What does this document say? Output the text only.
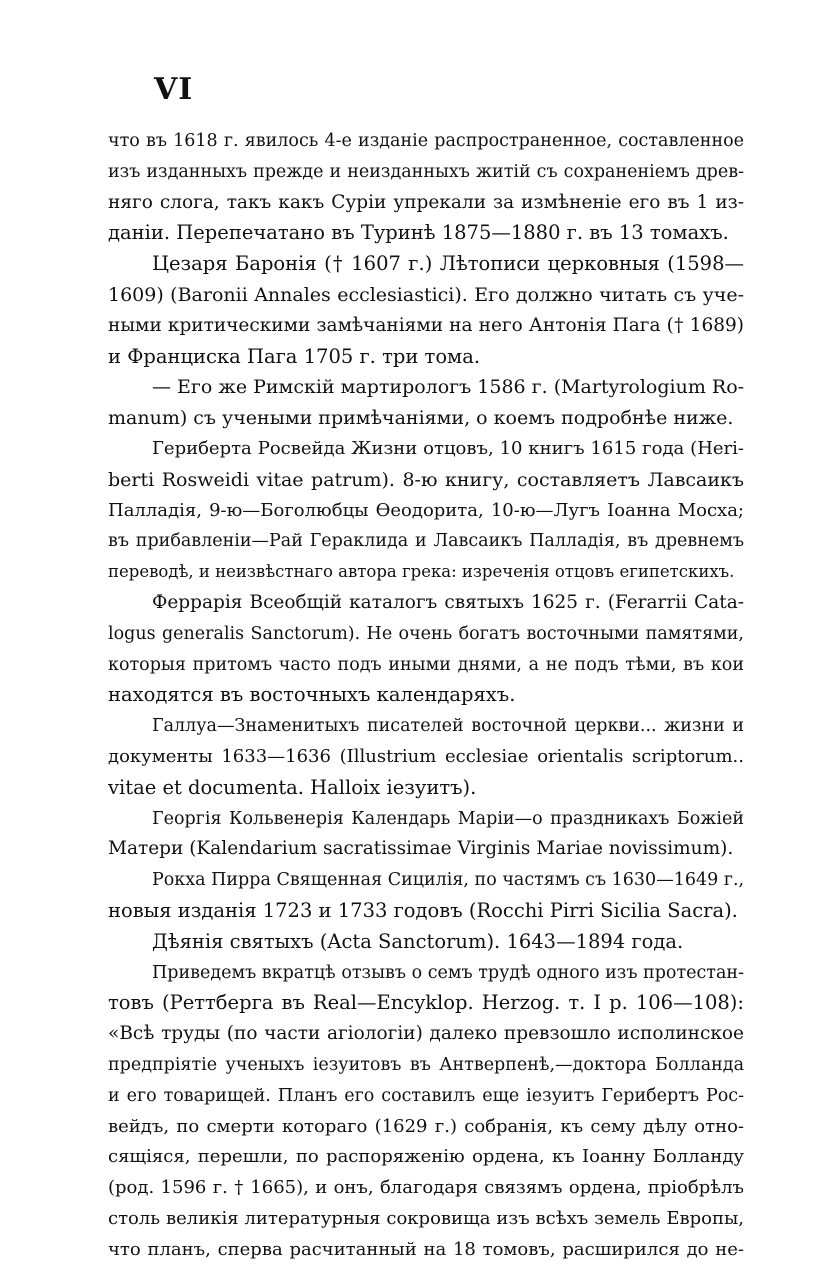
VI
что въ 1618 г. явилось 4-е изданіе распространенное, составленное
изъ изданныхъ прежде и неизданныхъ житій съ сохраненіемъ древ-
няго слога, такъ какъ Суріи упрекали за измѣненіе его въ 1 из-
даніи. Перепечатано въ Туринѣ 1875—1880 г. въ 13 томахъ.
Цезаря Баронія († 1607 г.) Лѣтописи церковныя (1598—
1609) (Baronii Annales ecclesiastici). Его должно читать съ уче-
ными критическими замѣчаніями на него Антонія Пага († 1689)
и Франциска Пага 1705 г. три тома.
— Его же Римскій мартирологъ 1586 г. (Martyrologium Ro-
manum) съ учеными примѣчаніями, о коемъ подробнѣе ниже.
Гериберта Росвейда Жизни отцовъ, 10 книгъ 1615 года (Heri-
berti Rosweidi vitae patrum). 8-ю книгу, составляетъ Лавсаикъ
Палладія, 9-ю—Боголюбцы Өеодорита, 10-ю—Лугъ Іоанна Мосха;
въ прибавленіи—Рай Гераклида и Лавсаикъ Палладія, въ древнемъ
переводѣ, и неизвѣстнаго автора грека: изреченія отцовъ египетскихъ.
Феррарія Всеобщій каталогъ святыхъ 1625 г. (Ferarrii Cata-
logus generalis Sanctorum). Не очень богатъ восточными памятями,
которыя притомъ часто подъ иными днями, а не подъ тѣми, въ кои
находятся въ восточныхъ календаряхъ.
Галлуа—Знаменитыхъ писателей восточной церкви... жизни и
документы 1633—1636 (Illustrium ecclesiae orientalis scriptorum..
vitae et documenta. Halloix іезуитъ).
Георгія Кольвенерія Календарь Маріи—о праздникахъ Божіей
Матери (Kalendarium sacratissimae Virginis Mariae novissimum).
Рокха Пирра Священная Сицилія, по частямъ съ 1630—1649 г.,
новыя изданія 1723 и 1733 годовъ (Rocchi Pirri Sicilia Sacra).
Дѣянія святыхъ (Acta Sanctorum). 1643—1894 года.
Приведемъ вкратцѣ отзывъ о семъ трудѣ одного изъ протестан-
товъ (Реттберга въ Real—Encyklop. Herzog. т. I р. 106—108):
«Всѣ труды (по части агіологіи) далеко превзошло исполинское
предпріятіе ученыхъ іезуитовъ въ Антверпенѣ,—доктора Болланда
и его товарищей. Планъ его составилъ еще іезуитъ Герибертъ Рос-
вейдъ, по смерти котораго (1629 г.) собранія, къ сему дѣлу отно-
сящіяся, перешли, по распоряженію ордена, къ Іоанну Болланду
(род. 1596 г. † 1665), и онъ, благодаря связямъ ордена, пріобрѣлъ
столь великія литературныя сокровища изъ всѣхъ земель Европы,
что планъ, сперва расчитанный на 18 томовъ, расширился до не-
